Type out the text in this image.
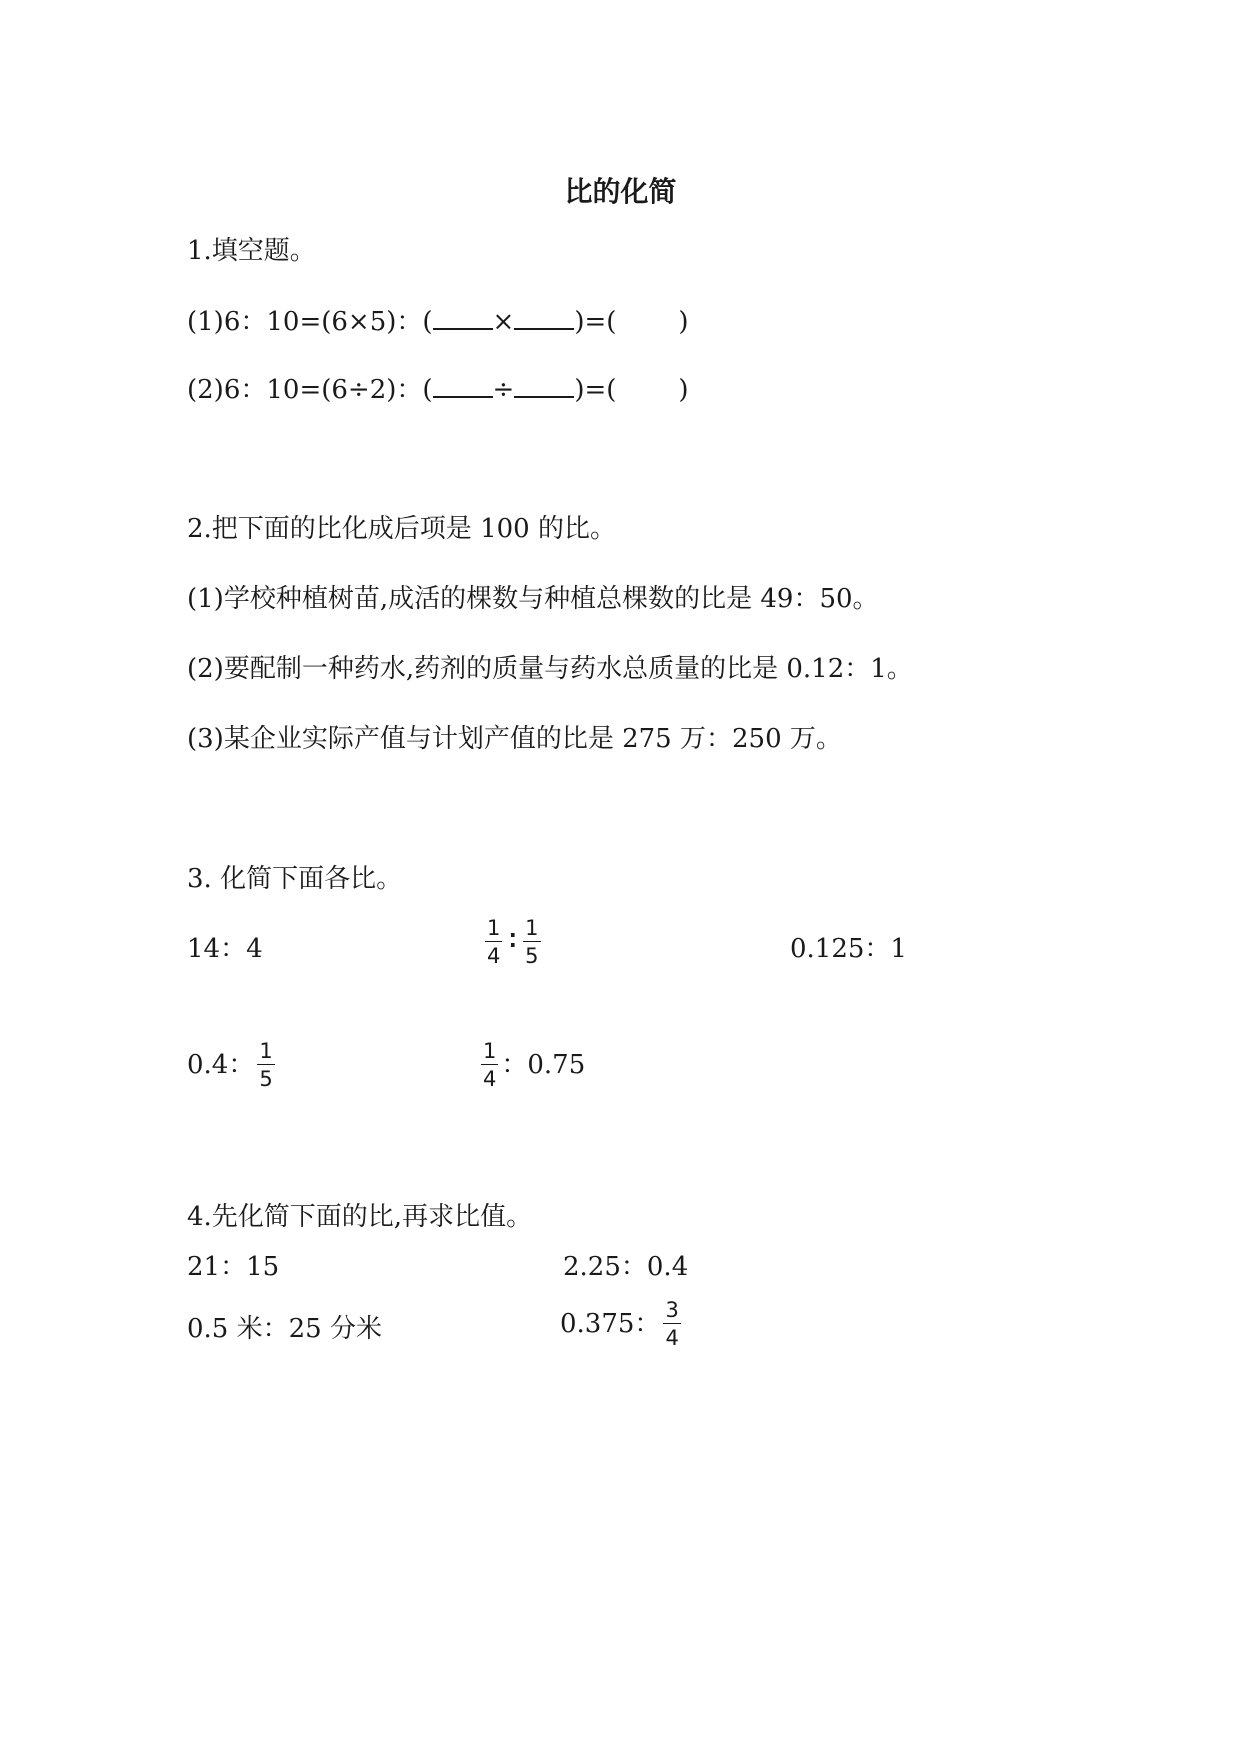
比的化简
1.填空题。
(1)6：10=(6×5)：( × )=( )
(2)6：10=(6÷2)：( ÷ )=( )
2.把下面的比化成后项是 100 的比。
(1)学校种植树苗,成活的棵数与种植总棵数的比是 49：50。
(2)要配制一种药水,药剂的质量与药水总质量的比是 0.12：1。
(3)某企业实际产值与计划产值的比是 275 万：250 万。
3. 化简下面各比。
14：4	$\frac{1}{4}$ ∶ $\frac{1}{5}$	0.125：1
0.4： $\frac{1}{5}$	$\frac{1}{4}$ ：0.75
4.先化简下面的比,再求比值。
21：15	2.25：0.4
0.5 米：25 分米	0.375： $\frac{3}{4}$
